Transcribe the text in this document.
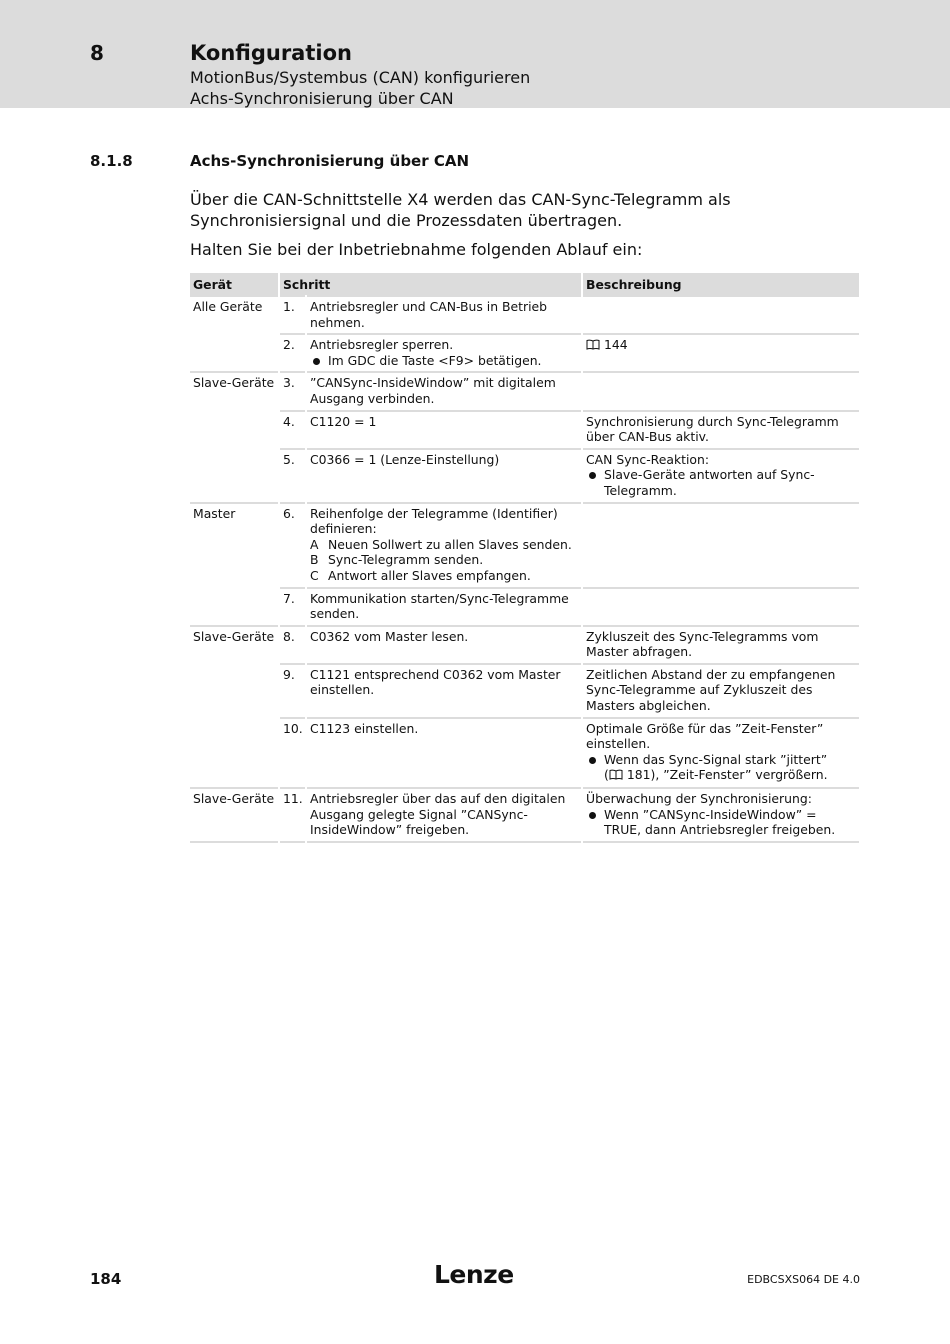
8	Konfiguration
MotionBus/Systembus (CAN) konfigurieren
Achs-Synchronisierung über CAN
8.1.8	Achs-Synchronisierung über CAN

Über die CAN-Schnittstelle X4 werden das CAN-Sync-Telegramm als Synchronisiersignal und die Prozessdaten übertragen.

Halten Sie bei der Inbetriebnahme folgenden Ablauf ein:

Gerät	Schritt		Beschreibung
Alle Geräte	1.	Antriebsregler und CAN-Bus in Betrieb nehmen.	
	2.	Antriebsregler sperren.
Im GDC die Taste <F9> betätigen.	144
Slave-Geräte	3.	”CANSync-InsideWindow” mit digitalem Ausgang verbinden.	
	4.	C1120 = 1	Synchronisierung durch Sync-Telegramm über CAN-Bus aktiv.
	5.	C0366 = 1 (Lenze-Einstellung)	CAN Sync-Reaktion:
Slave-Geräte antworten auf Sync-Telegramm.

Master	6.	Reihenfolge der Telegramme (Identifier) definieren:
A Neuen Sollwert zu allen Slaves senden.
B Sync-Telegramm senden.
C Antwort aller Slaves empfangen.	

	7.	Kommunikation starten/Sync-Telegramme senden.	
Slave-Geräte	8.	C0362 vom Master lesen.	Zykluszeit des Sync-Telegramms vom Master abfragen.
	9.	C1121 entsprechend C0362 vom Master einstellen.	Zeitlichen Abstand der zu empfangenen Sync-Telegramme auf Zykluszeit des Masters abgleichen.
	10.	C1123 einstellen.	Optimale Größe für das ”Zeit-Fenster” einstellen.
Wenn das Sync-Signal stark ”jittert”
( 181), ”Zeit-Fenster” vergrößern.

Slave-Geräte	11.	Antriebsregler über das auf den digitalen Ausgang gelegte Signal ”CANSync-InsideWindow” freigeben.	Überwachung der Synchronisierung:
Wenn ”CANSync-InsideWindow” = TRUE, dann Antriebsregler freigeben.
184	Lenze	EDBCSXS064 DE 4.0
